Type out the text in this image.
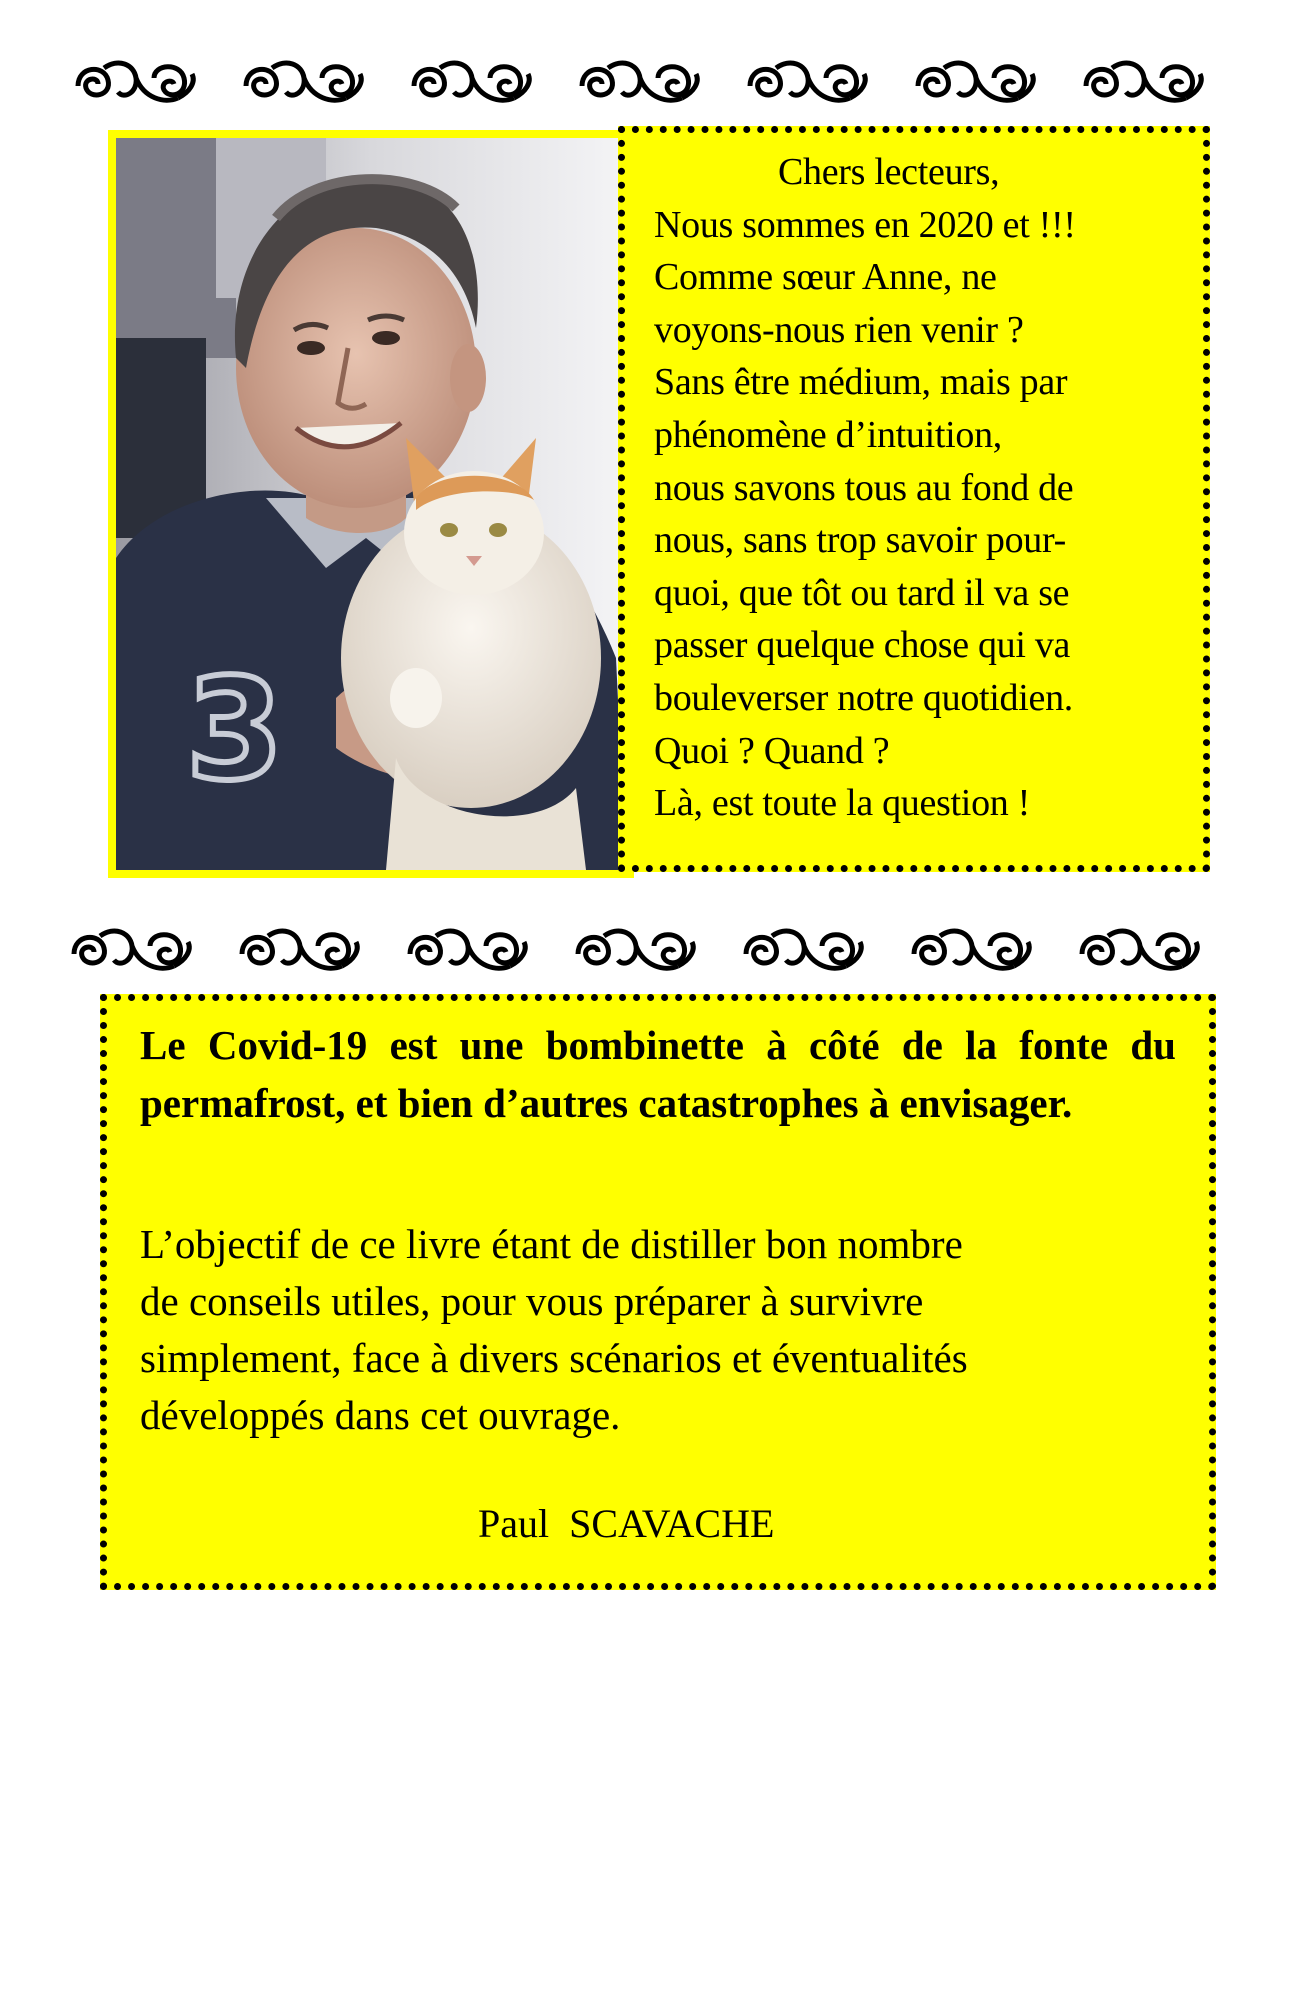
3
Chers lecteurs,
Nous sommes en 2020 et !!!
Comme sœur Anne, ne
voyons-nous rien venir ?
Sans être médium, mais par
phénomène d’intuition,
nous savons tous au fond de
nous, sans trop savoir pour-
quoi, que tôt ou tard il va se
passer quelque chose qui va
bouleverser notre quotidien.
Quoi ? Quand ?
Là, est toute la question !
Le Covid-19 est une bombinette à côté de la fonte du permafrost, et bien d’autres catastrophes à envisager.
L’objectif de ce livre étant de distiller bon nombre
de conseils utiles, pour vous préparer à survivre
simplement, face à divers scénarios et éventualités
développés dans cet ouvrage.
Paul  SCAVACHE
